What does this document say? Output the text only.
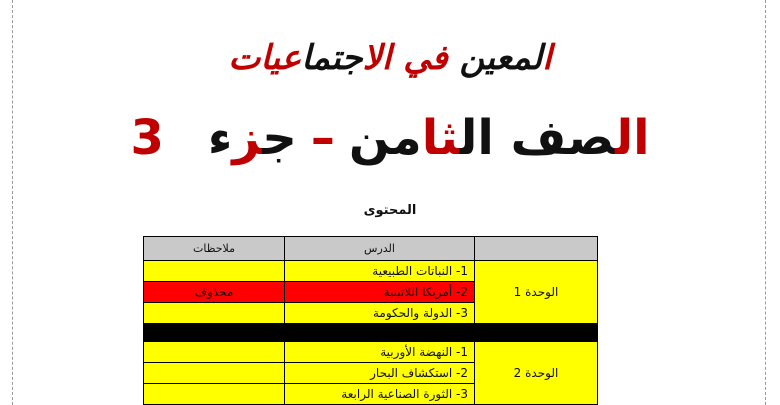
المعين في الاجتماعيات
الصف الثامن–جزء3
المحتوى
	الدرس	ملاحظات
الوحدة 1	1- النباتات الطبيعية	
	2- أمريكا اللاتينية	محذوف
	3- الدولة والحكومة	

الوحدة 2	1- النهضة الأوربية	
	2- استكشاف البحار	
	3- الثورة الصناعية الرابعة	
